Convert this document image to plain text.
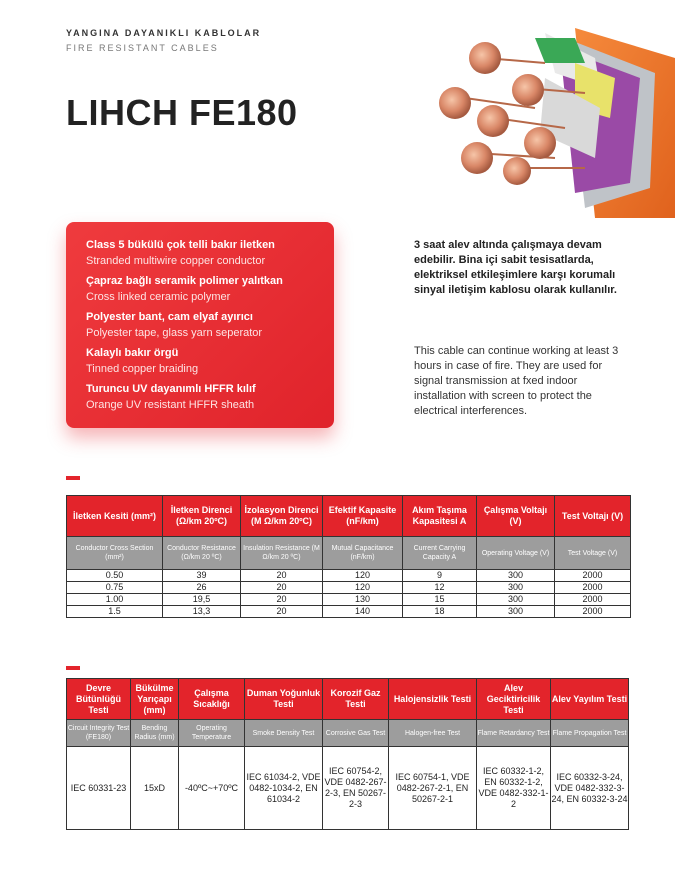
YANGINA DAYANIKLI KABLOLAR
FIRE RESISTANT CABLES
LIHCH FE180
Class 5 bükülü çok telli bakır iletken
Stranded multiwire copper conductor
Çapraz bağlı seramik polimer yalıtkan
Cross linked ceramic polymer
Polyester bant, cam elyaf ayırıcı
Polyester tape, glass yarn seperator
Kalaylı bakır örgü
Tinned copper braiding
Turuncu UV dayanımlı HFFR kılıf
Orange UV resistant HFFR sheath
3 saat alev altında çalışmaya devam edebilir. Bina içi sabit tesisatlarda, elektriksel etkileşimlere karşı korumalı sinyal iletişim kablosu olarak kullanılır.
This cable can continue working at least 3 hours in case of fire. They are used for signal transmission at fxed indoor installation with screen to protect the electrical interferences.
İletken Kesiti (mm²)	İletken Direnci (Ω/km 20ºC)	İzolasyon Direnci (M Ω/km 20ºC)	Efektif Kapasite (nF/km)	Akım Taşıma Kapasitesi A	Çalışma Voltajı (V)	Test Voltajı (V)
Conductor Cross Section (mm²)	Conductor Resistance (Ω/km 20 ºC)	Insulation Resistance (M Ω/km 20 ºC)	Mutual Capacitance (nF/km)	Current Carrying Capacity A	Operating Voltage (V)	Test Voltage (V)
0.50	39	20	120	9	300	2000
0.75	26	20	120	12	300	2000
1.00	19,5	20	130	15	300	2000
1.5	13,3	20	140	18	300	2000
Devre Bütünlüğü Testi	Bükülme Yarıçapı (mm)	Çalışma Sıcaklığı	Duman Yoğunluk Testi	Korozif Gaz Testi	Halojensizlik Testi	Alev Geciktiricilik Testi	Alev Yayılım Testi
Circuit Integrity Test (FE180)	Bending Radius (mm)	Operating Temperature	Smoke Density Test	Corrosive Gas Test	Halogen-free Test	Flame Retardancy Test	Flame Propagation Test
IEC 60331-23	15xD	-40ºC~+70ºC	IEC 61034-2, VDE 0482-1034-2, EN 61034-2	IEC 60754-2, VDE 0482-267-2-3, EN 50267-2-3	IEC 60754-1, VDE 0482-267-2-1, EN 50267-2-1	IEC 60332-1-2, EN 60332-1-2, VDE 0482-332-1-2	IEC 60332-3-24, VDE 0482-332-3-24, EN 60332-3-24
